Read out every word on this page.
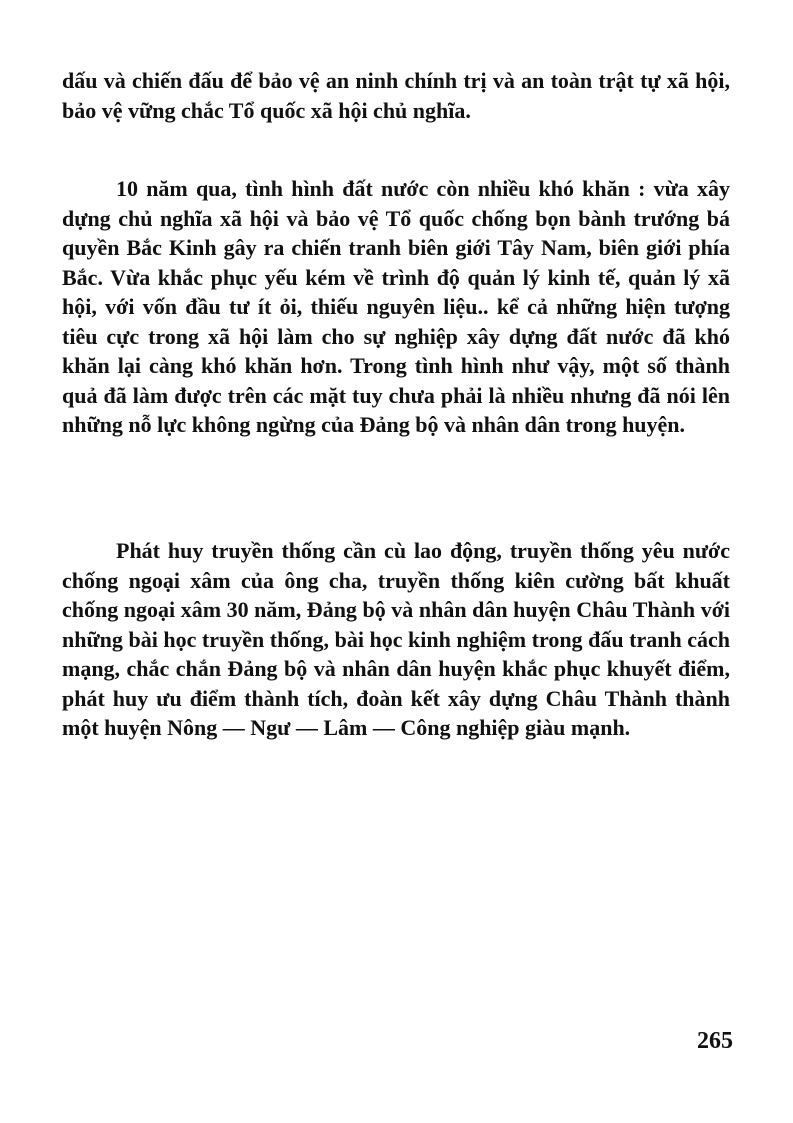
dấu và chiến đấu để bảo vệ an ninh chính trị và an toàn trật tự xã hội, bảo vệ vững chắc Tổ quốc xã hội chủ nghĩa.

10 năm qua, tình hình đất nước còn nhiều khó khăn : vừa xây dựng chủ nghĩa xã hội và bảo vệ Tổ quốc chống bọn bành trướng bá quyền Bắc Kinh gây ra chiến tranh biên giới Tây Nam, biên giới phía Bắc. Vừa khắc phục yếu kém về trình độ quản lý kinh tế, quản lý xã hội, với vốn đầu tư ít ỏi, thiếu nguyên liệu.. kể cả những hiện tượng tiêu cực trong xã hội làm cho sự nghiệp xây dựng đất nước đã khó khăn lại càng khó khăn hơn. Trong tình hình như vậy, một số thành quả đã làm được trên các mặt tuy chưa phải là nhiều nhưng đã nói lên những nỗ lực không ngừng của Đảng bộ và nhân dân trong huyện.

Phát huy truyền thống cần cù lao động, truyền thống yêu nước chống ngoại xâm của ông cha, truyền thống kiên cường bất khuất chống ngoại xâm 30 năm, Đảng bộ và nhân dân huyện Châu Thành với những bài học truyền thống, bài học kinh nghiệm trong đấu tranh cách mạng, chắc chắn Đảng bộ và nhân dân huyện khắc phục khuyết điểm, phát huy ưu điểm thành tích, đoàn kết xây dựng Châu Thành thành một huyện Nông — Ngư — Lâm — Công nghiệp giàu mạnh.

265
